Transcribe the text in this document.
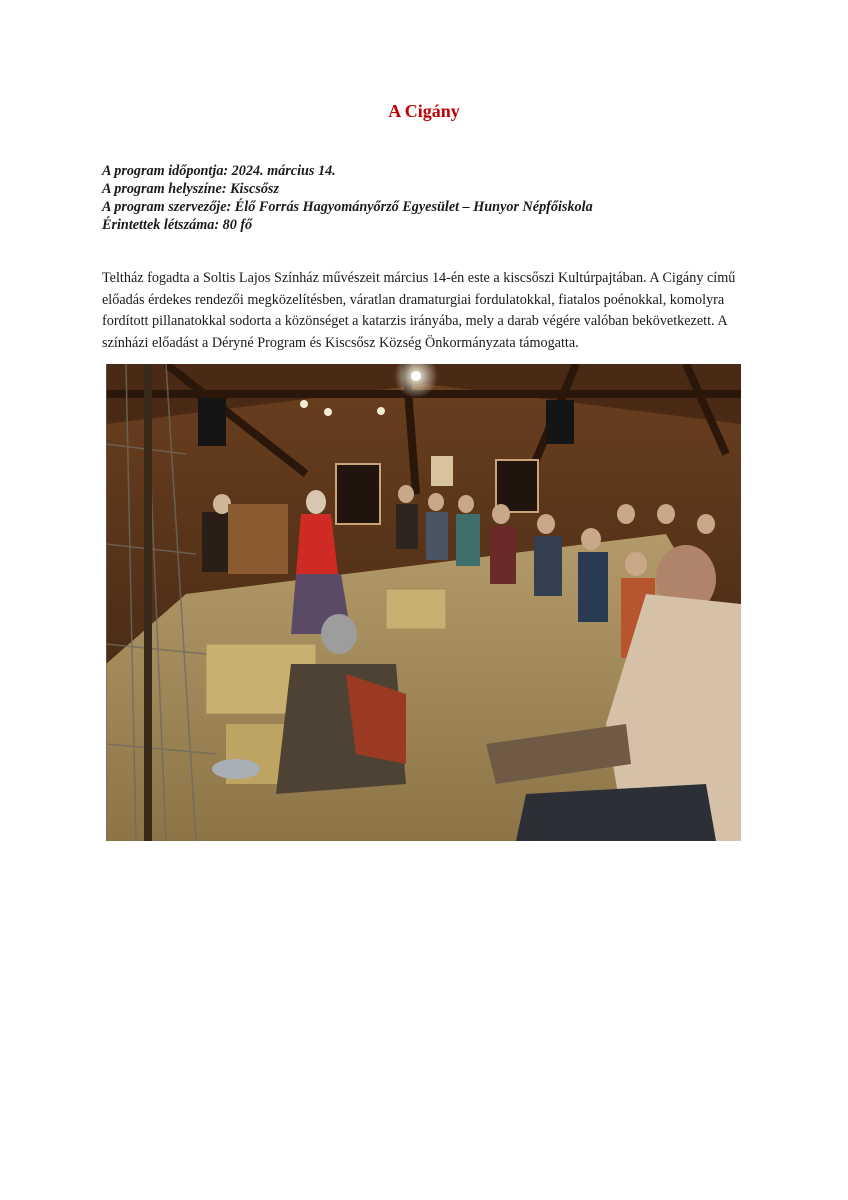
A Cigány
A program időpontja: 2024. március 14.
A program helyszíne: Kiscsősz
A program szervezője: Élő Forrás Hagyományőrző Egyesület – Hunyor Népfőiskola
Érintettek létszáma: 80 fő

Teltház fogadta a Soltis Lajos Színház művészeit március 14-én este a kiscsőszi Kultúrpajtában. A Cigány című előadás érdekes rendezői megközelítésben, váratlan dramaturgiai fordulatokkal, fiatalos poénokkal, komolyra fordított pillanatokkal sodorta a közönséget a katarzis irányába, mely a darab végére valóban bekövetkezett. A színházi előadást a Déryné Program és Kiscsősz Község Önkormányzata támogatta.
